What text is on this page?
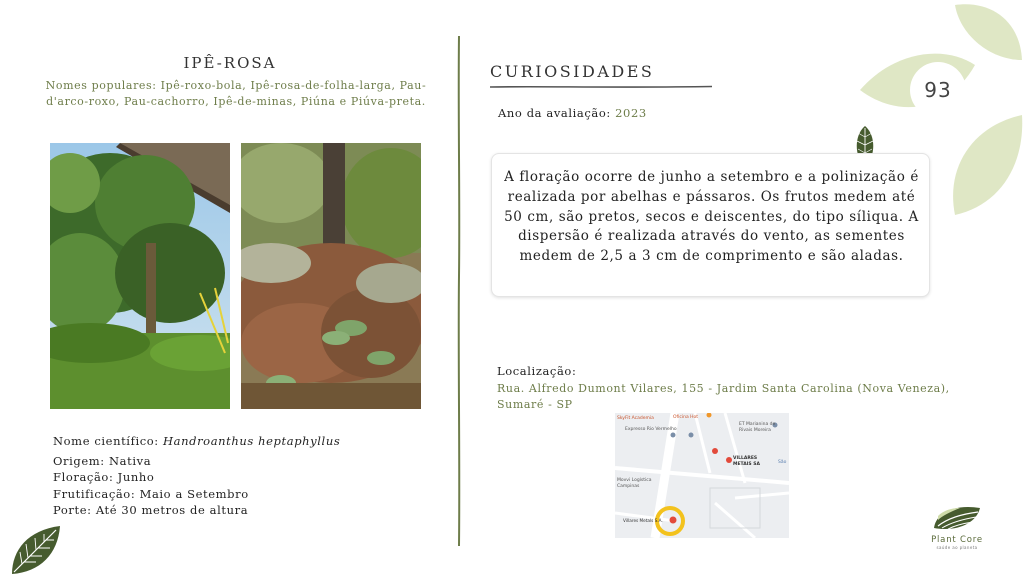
IPÊ-ROSA
Nomes populares: Ipê-roxo-bola, Ipê-rosa-de-folha-larga, Pau-d'arco-roxo, Pau-cachorro, Ipê-de-minas, Piúna e Piúva-preta.
Nome científico: Handroanthus heptaphyllus
Origem: Nativa
Floração: Junho
Frutificação: Maio a Setembro
Porte: Até 30 metros de altura
CURIOSIDADES
Ano da avaliação: 2023

A floração ocorre de junho a setembro e a polinização é realizada por abelhas e pássaros. Os frutos medem até 50 cm, são pretos, secos e deiscentes, do tipo síliqua. A dispersão é realizada através do vento, as sementes medem de 2,5 a 3 cm de comprimento e são aladas.

Localização:
Rua. Alfredo Dumont Vilares, 155 - Jardim Santa Carolina (Nova Veneza), Sumaré - SP
SkyFit Academia	Oficina Hot
Expresso Rio Vermelho
ET Marianina de
Rivais Moreira
VILLARES
METAIS SA
Movvi Logística
Campinas
Villares Metals S.A.
São
93
Plant Core
saúde ao planeta
